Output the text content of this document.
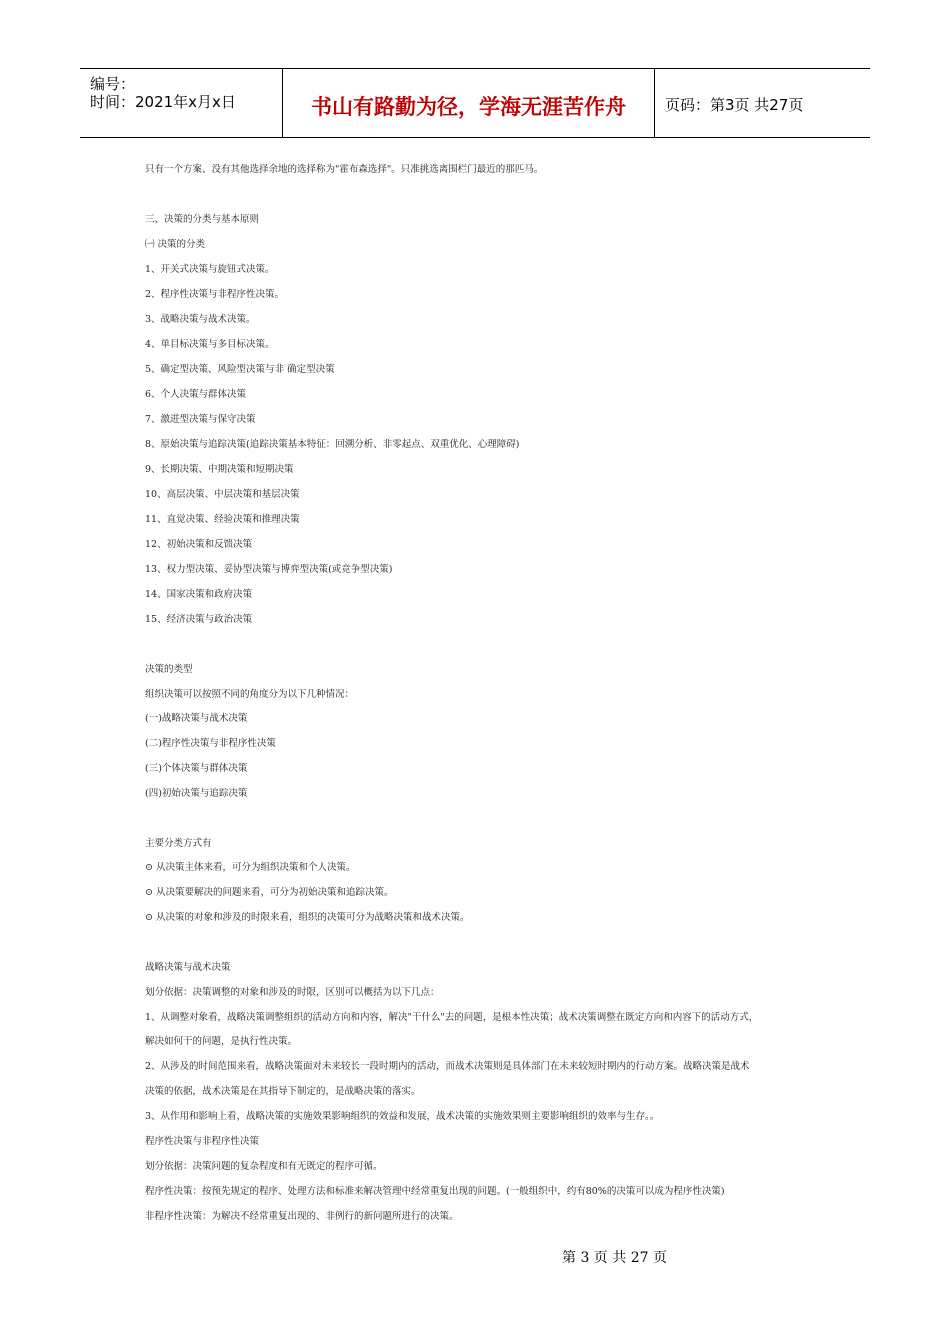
编号：
时间：2021年x月x日	书山有路勤为径，学海无涯苦作舟	页码：第3页 共27页
只有一个方案、没有其他选择余地的选择称为"霍布森选择"。只准挑选离围栏门最近的那匹马。
三、决策的分类与基本原则
㈠ 决策的分类
1、开关式决策与旋钮式决策。
2、程序性决策与非程序性决策。
3、战略决策与战术决策。
4、单目标决策与多目标决策。
5、确定型决策、风险型决策与非 确定型决策
6、个人决策与群体决策
7、激进型决策与保守决策
8、原始决策与追踪决策(追踪决策基本特征：回溯分析、非零起点、双重优化、心理障碍)
9、长期决策、中期决策和短期决策
10、高层决策、中层决策和基层决策
11、直觉决策、经验决策和推理决策
12、初始决策和反馈决策
13、权力型决策、妥协型决策与博弈型决策(或竞争型决策)
14、国家决策和政府决策
15、经济决策与政治决策
决策的类型
组织决策可以按照不同的角度分为以下几种情况：
(一)战略决策与战术决策
(二)程序性决策与非程序性决策
(三)个体决策与群体决策
(四)初始决策与追踪决策
主要分类方式有
⊙ 从决策主体来看，可分为组织决策和个人决策。
⊙ 从决策要解决的问题来看，可分为初始决策和追踪决策。
⊙ 从决策的对象和涉及的时限来看，组织的决策可分为战略决策和战术决策。
战略决策与战术决策
划分依据：决策调整的对象和涉及的时限，区别可以概括为以下几点：
1、从调整对象看，战略决策调整组织的活动方向和内容，解决"干什么"去的问题，是根本性决策；战术决策调整在既定方向和内容下的活动方式，
解决如何干的问题，是执行性决策。
2、从涉及的时间范围来看，战略决策面对未来较长一段时期内的活动，而战术决策则是具体部门在未来较短时期内的行动方案。战略决策是战术
决策的依据，战术决策是在其指导下制定的，是战略决策的落实。
3、从作用和影响上看，战略决策的实施效果影响组织的效益和发展，战术决策的实施效果则主要影响组织的效率与生存。。
程序性决策与非程序性决策
划分依据：决策问题的复杂程度和有无既定的程序可循。
程序性决策：按预先规定的程序、处理方法和标准来解决管理中经常重复出现的问题。(一般组织中，约有80%的决策可以成为程序性决策)
非程序性决策：为解决不经常重复出现的、非例行的新问题所进行的决策。
第 3 页 共 27 页
